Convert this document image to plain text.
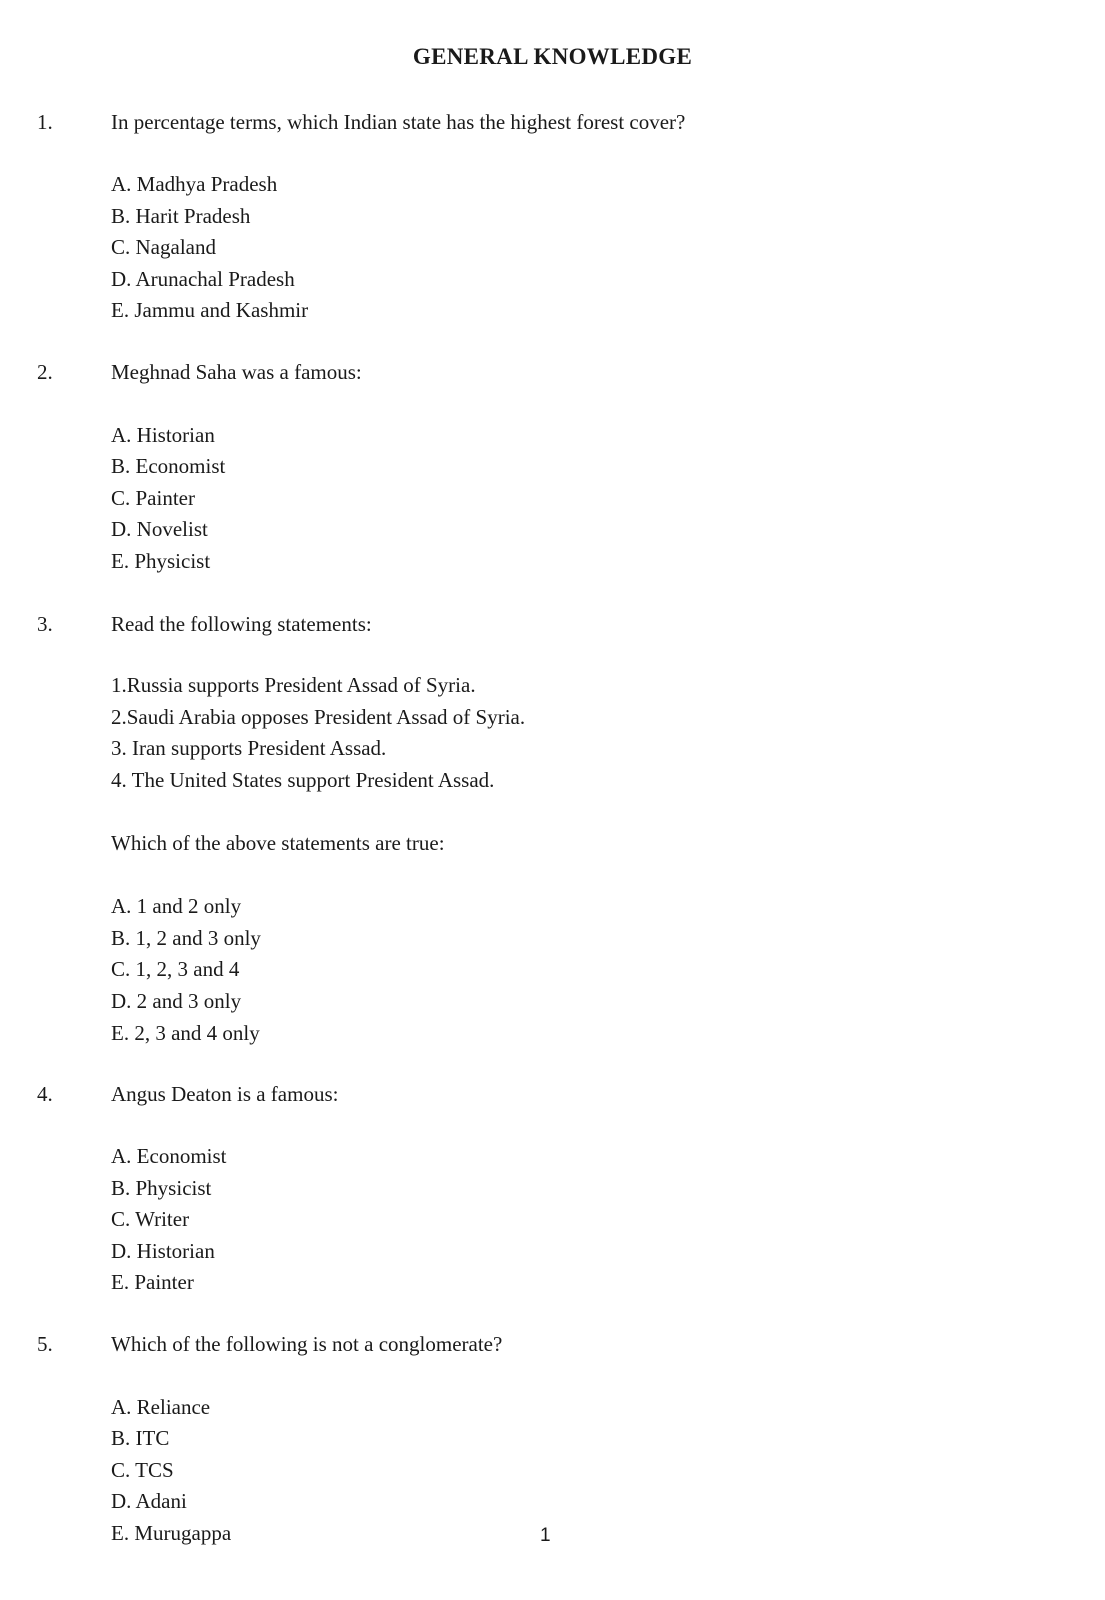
GENERAL KNOWLEDGE
1.	In percentage terms, which Indian state has the highest forest cover?
A. Madhya Pradesh
B. Harit Pradesh
C. Nagaland
D. Arunachal Pradesh
E. Jammu and Kashmir
2.	Meghnad Saha was a famous:
A. Historian
B. Economist
C. Painter
D. Novelist
E. Physicist
3.	Read the following statements:
1.Russia supports President Assad of Syria.
2.Saudi Arabia opposes President Assad of Syria.
3. Iran supports President Assad.
4. The United States support President Assad.
Which of the above statements are true:
A. 1 and 2 only
B. 1, 2 and 3 only
C. 1, 2, 3 and 4
D. 2 and 3 only
E. 2, 3 and 4 only
4.	Angus Deaton is a famous:
A. Economist
B. Physicist
C. Writer
D. Historian
E. Painter
5.	Which of the following is not a conglomerate?
A. Reliance
B. ITC
C. TCS
D. Adani
E. Murugappa	1
